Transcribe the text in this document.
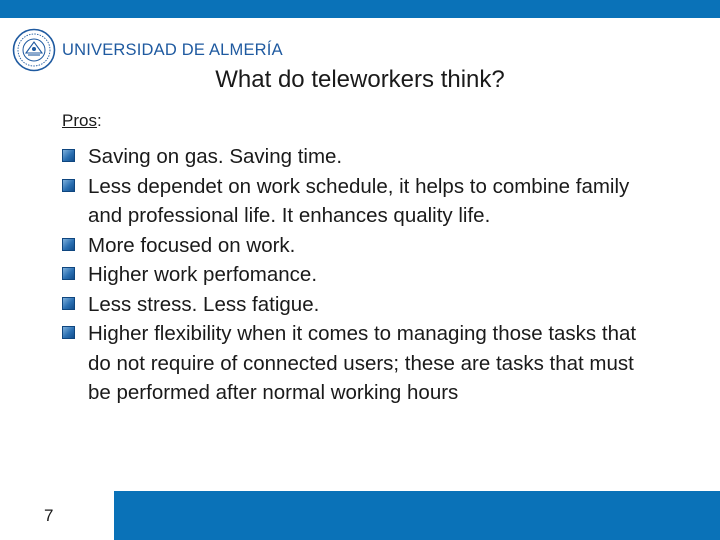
UNIVERSIDAD DE ALMERÍA
What do teleworkers think?
Pros:
Saving on gas. Saving time.
Less dependet on work schedule, it helps to combine family and professional life. It enhances quality life.
More focused on work.
Higher work perfomance.
Less stress. Less fatigue.
Higher flexibility when it comes to managing those tasks that do not require of connected users; these are tasks that must be performed after normal working hours
7
